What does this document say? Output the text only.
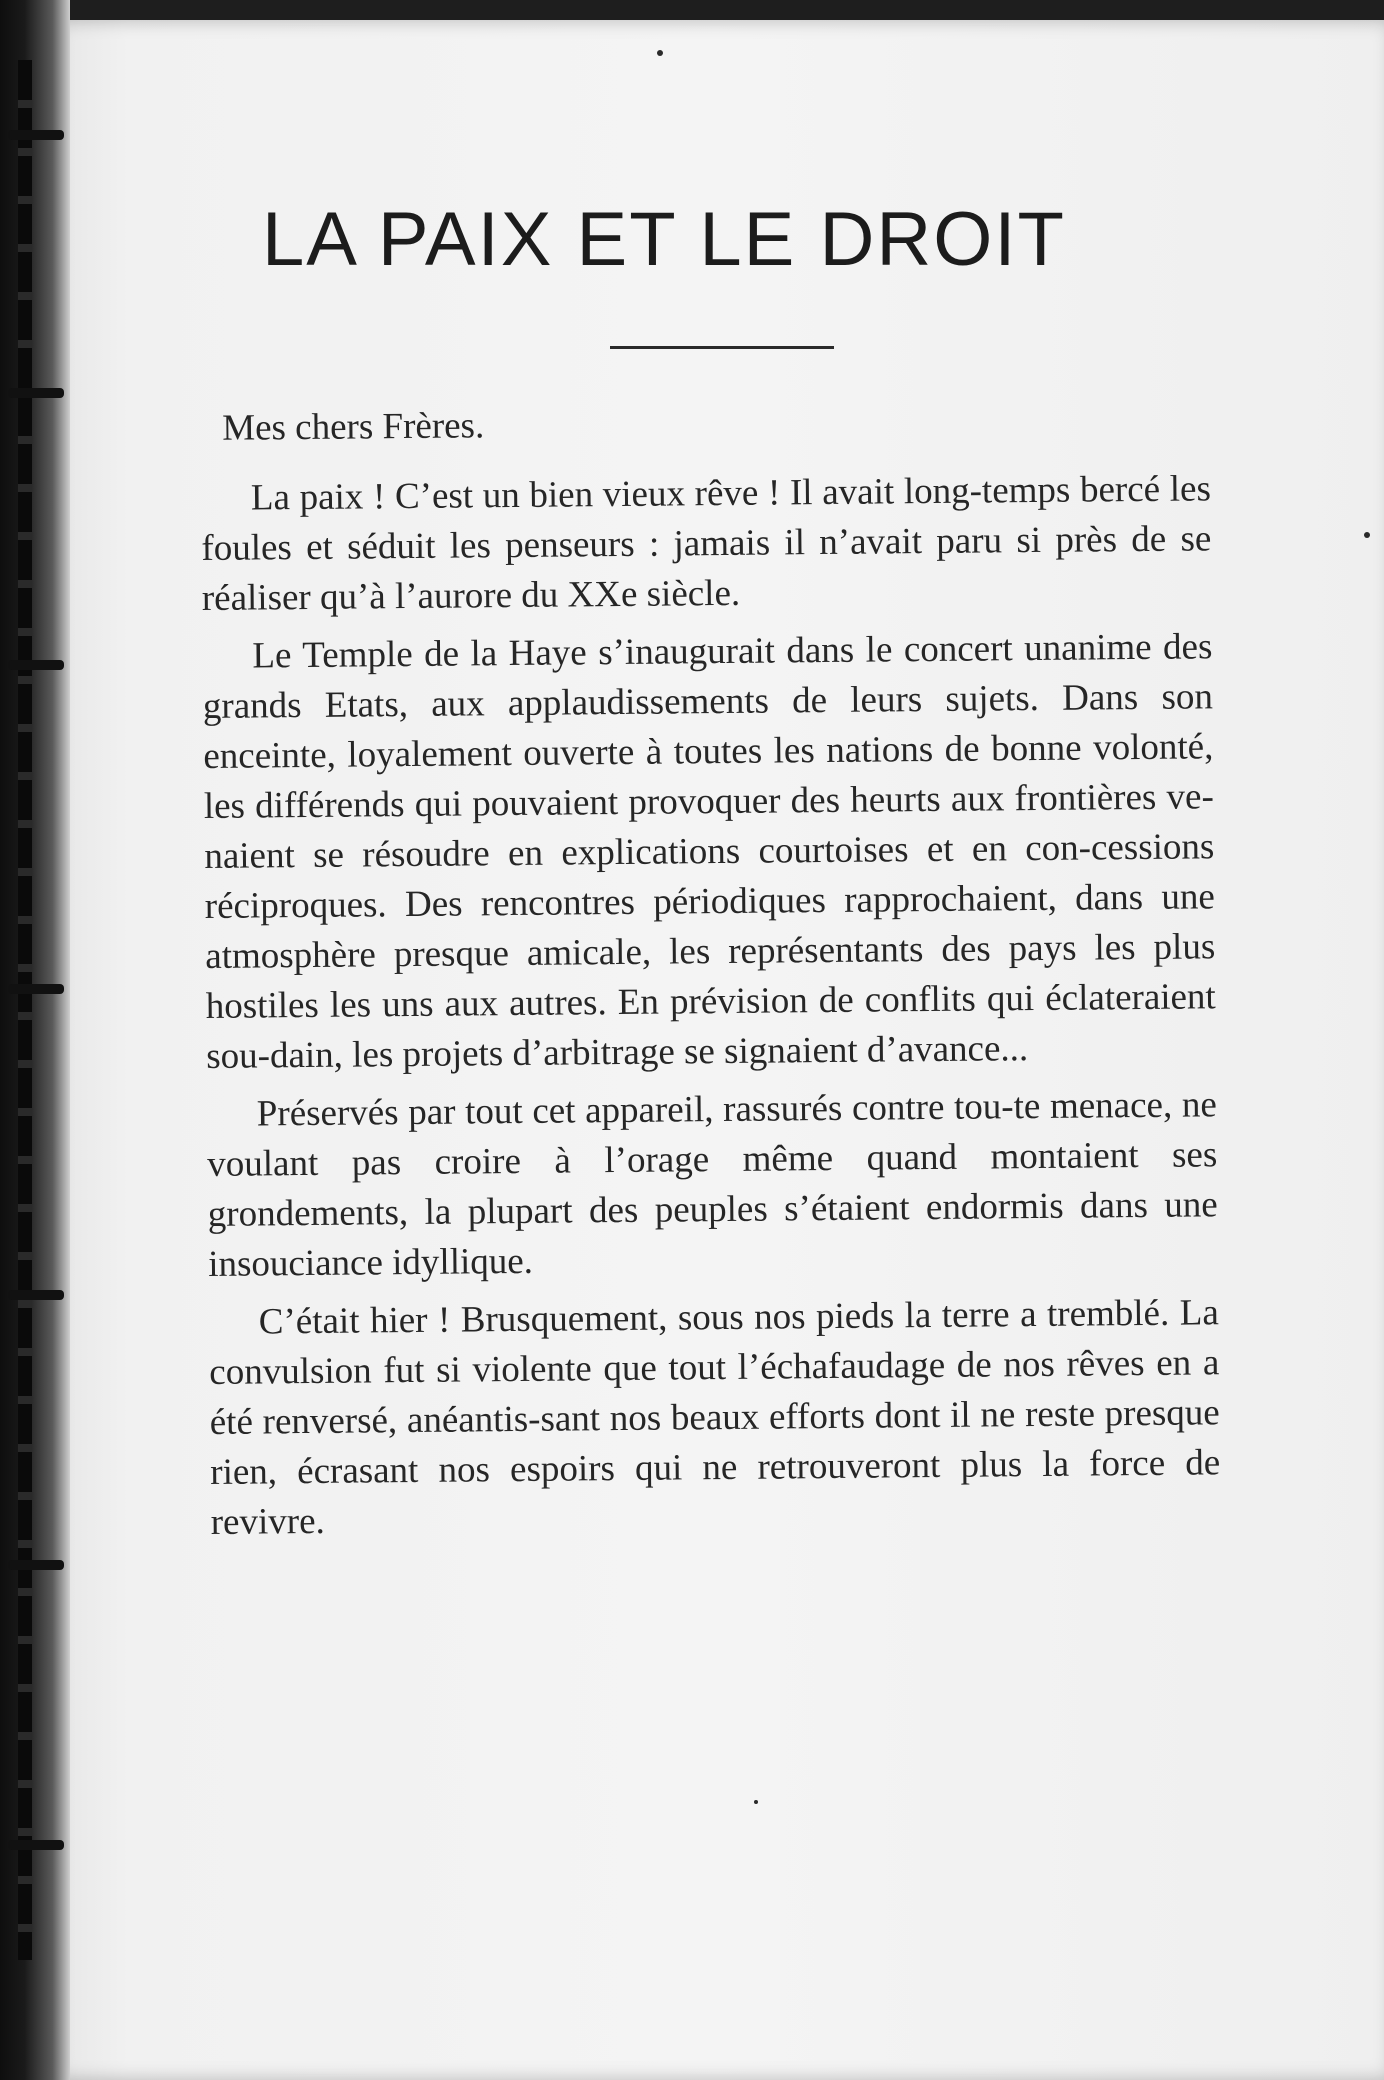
LA PAIX ET LE DROIT

Mes chers Frères.

La paix ! C’est un bien vieux rêve ! Il avait long-temps bercé les foules et séduit les penseurs : jamais il n’avait paru si près de se réaliser qu’à l’aurore du XXe siècle.

Le Temple de la Haye s’inaugurait dans le concert unanime des grands Etats, aux applaudissements de leurs sujets. Dans son enceinte, loyalement ouverte à toutes les nations de bonne volonté, les différends qui pouvaient provoquer des heurts aux frontières ve-naient se résoudre en explications courtoises et en con-cessions réciproques. Des rencontres périodiques rapprochaient, dans une atmosphère presque amicale, les représentants des pays les plus hostiles les uns aux autres. En prévision de conflits qui éclateraient sou-dain, les projets d’arbitrage se signaient d’avance...

Préservés par tout cet appareil, rassurés contre tou-te menace, ne voulant pas croire à l’orage même quand montaient ses grondements, la plupart des peuples s’étaient endormis dans une insouciance idyllique.

C’était hier ! Brusquement, sous nos pieds la terre a tremblé. La convulsion fut si violente que tout l’échafaudage de nos rêves en a été renversé, anéantis-sant nos beaux efforts dont il ne reste presque rien, écrasant nos espoirs qui ne retrouveront plus la force de revivre.
